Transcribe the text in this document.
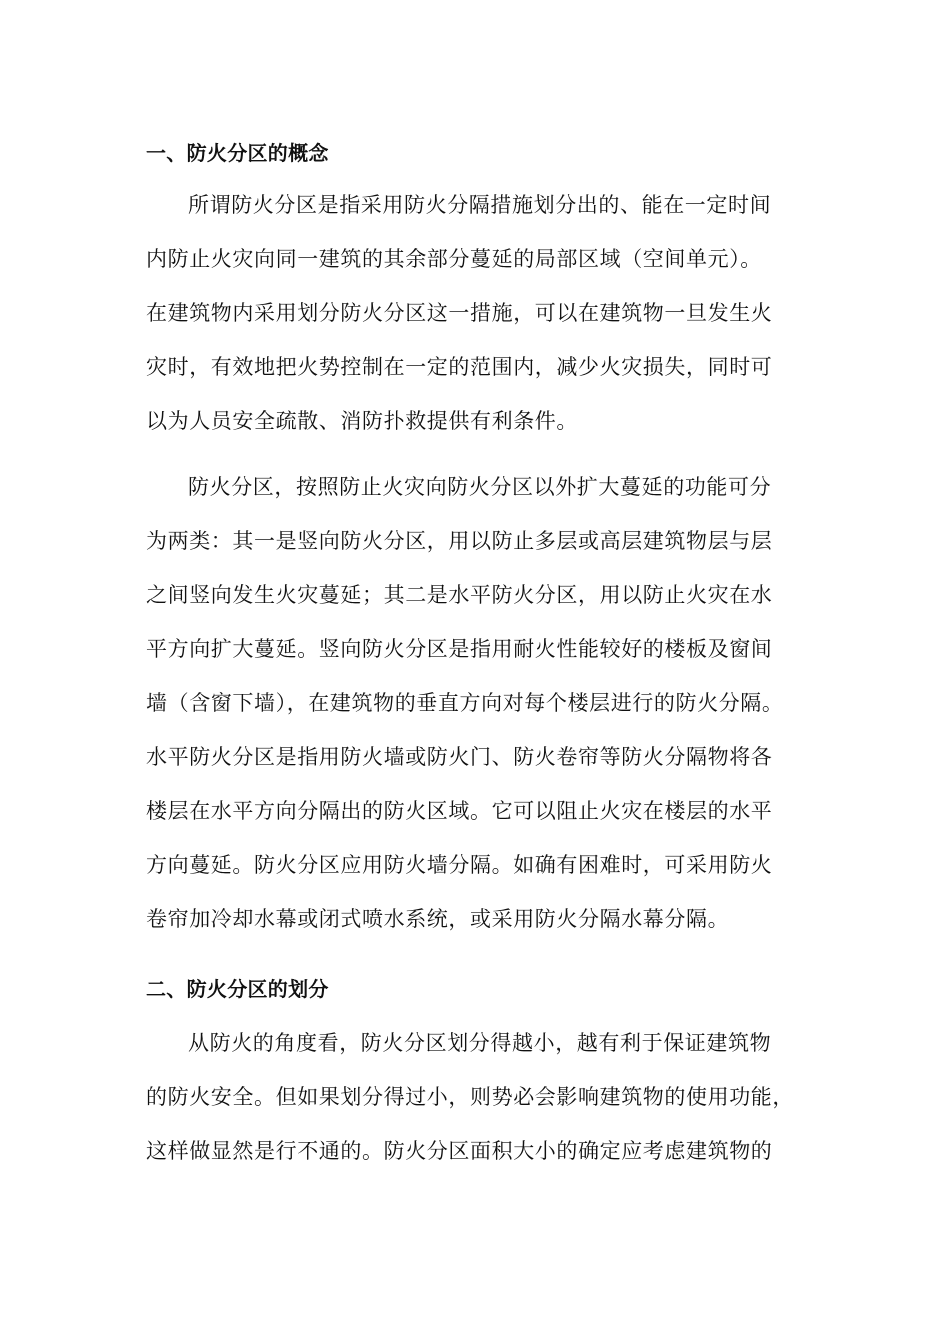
一、防火分区的概念
所谓防火分区是指采用防火分隔措施划分出的、能在一定时间
内防止火灾向同一建筑的其余部分蔓延的局部区域（空间单元）。
在建筑物内采用划分防火分区这一措施，可以在建筑物一旦发生火
灾时，有效地把火势控制在一定的范围内，减少火灾损失，同时可
以为人员安全疏散、消防扑救提供有利条件。
防火分区，按照防止火灾向防火分区以外扩大蔓延的功能可分
为两类：其一是竖向防火分区，用以防止多层或高层建筑物层与层
之间竖向发生火灾蔓延；其二是水平防火分区，用以防止火灾在水
平方向扩大蔓延。竖向防火分区是指用耐火性能较好的楼板及窗间
墙（含窗下墙），在建筑物的垂直方向对每个楼层进行的防火分隔。
水平防火分区是指用防火墙或防火门、防火卷帘等防火分隔物将各
楼层在水平方向分隔出的防火区域。它可以阻止火灾在楼层的水平
方向蔓延。防火分区应用防火墙分隔。如确有困难时，可采用防火
卷帘加冷却水幕或闭式喷水系统，或采用防火分隔水幕分隔。
二、防火分区的划分
从防火的角度看，防火分区划分得越小，越有利于保证建筑物
的防火安全。但如果划分得过小，则势必会影响建筑物的使用功能，
这样做显然是行不通的。防火分区面积大小的确定应考虑建筑物的
